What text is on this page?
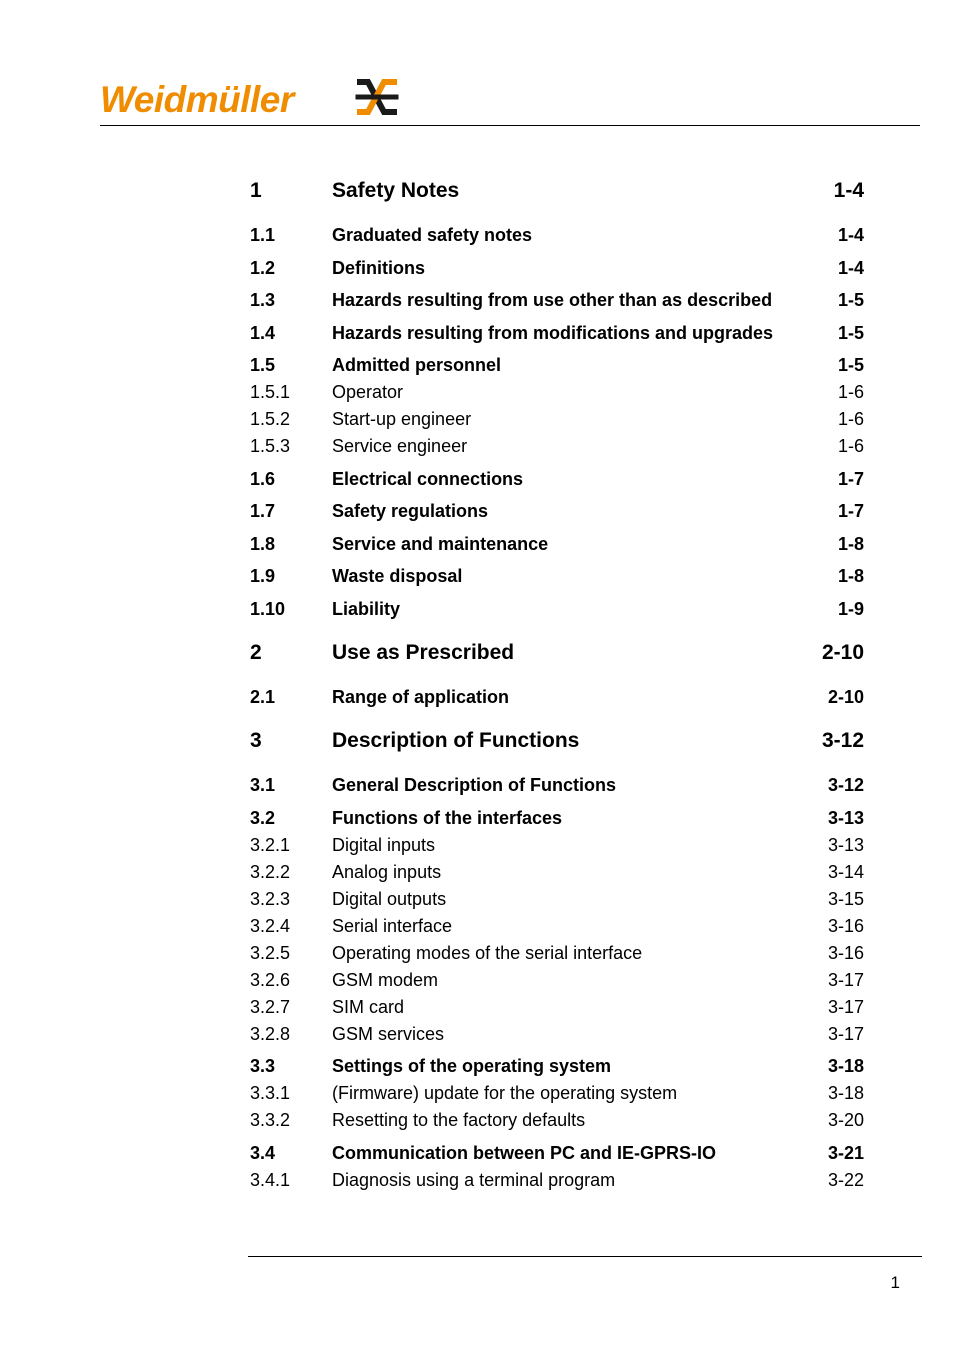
Weidmüller
1	Safety Notes	1-4
1.1	Graduated safety notes	1-4
1.2	Definitions	1-4
1.3	Hazards resulting from use other than as described	1-5
1.4	Hazards resulting from modifications and upgrades	1-5
1.5	Admitted personnel	1-5
1.5.1 Operator	1-6
1.5.2 Start-up engineer	1-6
1.5.3 Service engineer	1-6
1.6	Electrical connections	1-7
1.7	Safety regulations	1-7
1.8	Service and maintenance	1-8
1.9	Waste disposal	1-8
1.10	Liability	1-9
2	Use as Prescribed	2-10
2.1	Range of application	2-10
3	Description of Functions	3-12
3.1	General Description of Functions	3-12
3.2	Functions of the interfaces	3-13
3.2.1 Digital inputs	3-13
3.2.2 Analog inputs	3-14
3.2.3 Digital outputs	3-15
3.2.4 Serial interface	3-16
3.2.5 Operating modes of the serial interface	3-16
3.2.6 GSM modem	3-17
3.2.7 SIM card	3-17
3.2.8 GSM services	3-17
3.3	Settings of the operating system	3-18
3.3.1 (Firmware) update for the operating system	3-18
3.3.2 Resetting to the factory defaults	3-20
3.4	Communication between PC and IE-GPRS-IO	3-21
3.4.1 Diagnosis using a terminal program	3-22
1
